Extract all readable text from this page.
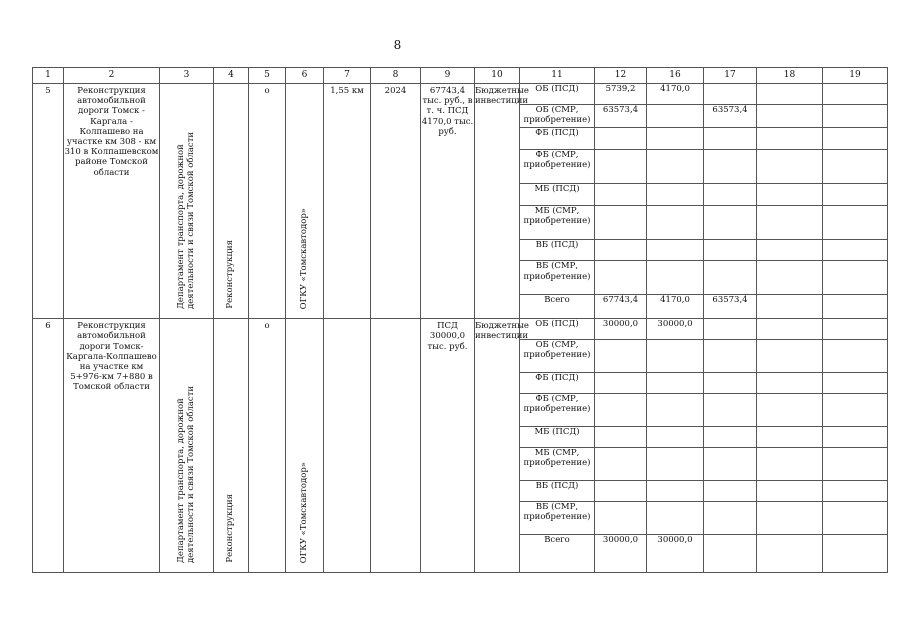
8
1	2	3	4	5	6	7	8	9	10	11	12	16	17	18	19
5	Реконструкция автомобильной дороги Томск - Каргала - Колпашево на участке км 308 - км 310 в Колпашевском районе Томской области	Департамент транспорта, дорожной деятельности и связи Томской области	Реконструкция	о	ОГКУ «Томскавтодор»	1,55 км	2024	67743,4 тыс. руб., в т. ч. ПСД 4170,0 тыс. руб.	Бюджетные инвестиции	ОБ (ПСД)	5739,2	4170,0			
										ОБ (СМР, приобретение)	63573,4		63573,4		
										ФБ (ПСД)					
										ФБ (СМР, приобретение)					
										МБ (ПСД)					
										МБ (СМР, приобретение)					
										ВБ (ПСД)					
										ВБ (СМР, приобретение)					
										Всего	67743,4	4170,0	63573,4		
6	Реконструкция автомобильной дороги Томск-Каргала-Колпашево на участке км 5+976-км 7+880 в Томской области	Департамент транспорта, дорожной деятельности и связи Томской области	Реконструкция	о	ОГКУ «Томскавтодор»			ПСД 30000,0 тыс. руб.	Бюджетные инвестиции	ОБ (ПСД)	30000,0	30000,0			
										ОБ (СМР, приобретение)					
										ФБ (ПСД)					
										ФБ (СМР, приобретение)					
										МБ (ПСД)					
										МБ (СМР, приобретение)					
										ВБ (ПСД)					
										ВБ (СМР, приобретение)					
										Всего	30000,0	30000,0			
